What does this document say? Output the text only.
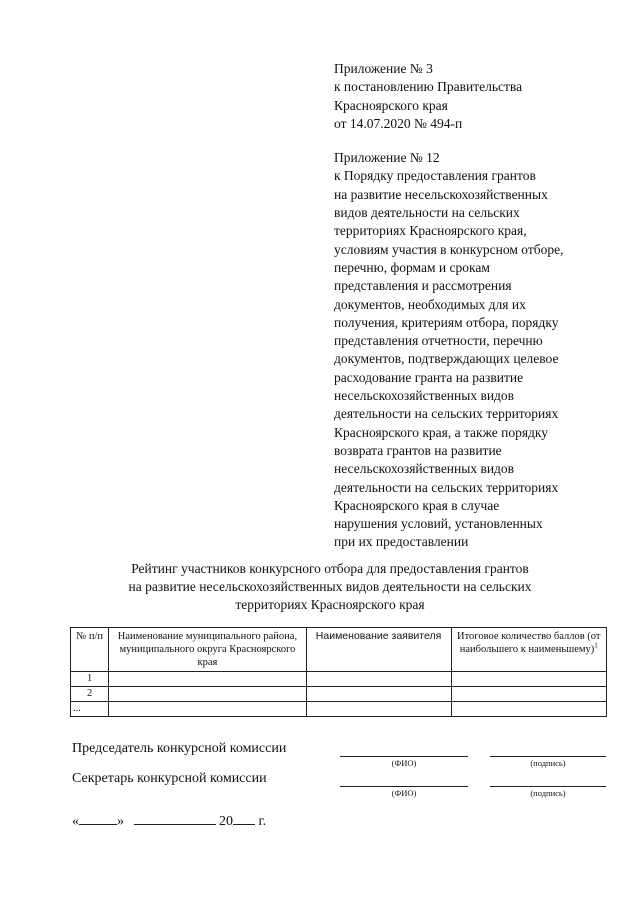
Приложение № 3
к постановлению Правительства
Красноярского края
от 14.07.2020 № 494-п
Приложение № 12
к Порядку предоставления грантов
на развитие несельскохозяйственных
видов деятельности на сельских
территориях Красноярского края,
условиям участия в конкурсном отборе,
перечню, формам и срокам
представления и рассмотрения
документов, необходимых для их
получения, критериям отбора, порядку
представления отчетности, перечню
документов, подтверждающих целевое
расходование гранта на развитие
несельскохозяйственных видов
деятельности на сельских территориях
Красноярского края, а также порядку
возврата грантов на развитие
несельскохозяйственных видов
деятельности на сельских территориях
Красноярского края в случае
нарушения условий, установленных
при их предоставлении
Рейтинг участников конкурсного отбора для предоставления грантов
на развитие несельскохозяйственных видов деятельности на сельских
территориях Красноярского края
№ п/п	Наименование муниципального района, муниципального округа Красноярского края	Наименование заявителя	Итоговое количество баллов (от наибольшего к наименьшему)$^1$
1			
2			
...			
Председатель конкурсной комиссии
(ФИО)	(подпись)
Секретарь конкурсной комиссии
(ФИО)	(подпись)
«	»	20 г.
